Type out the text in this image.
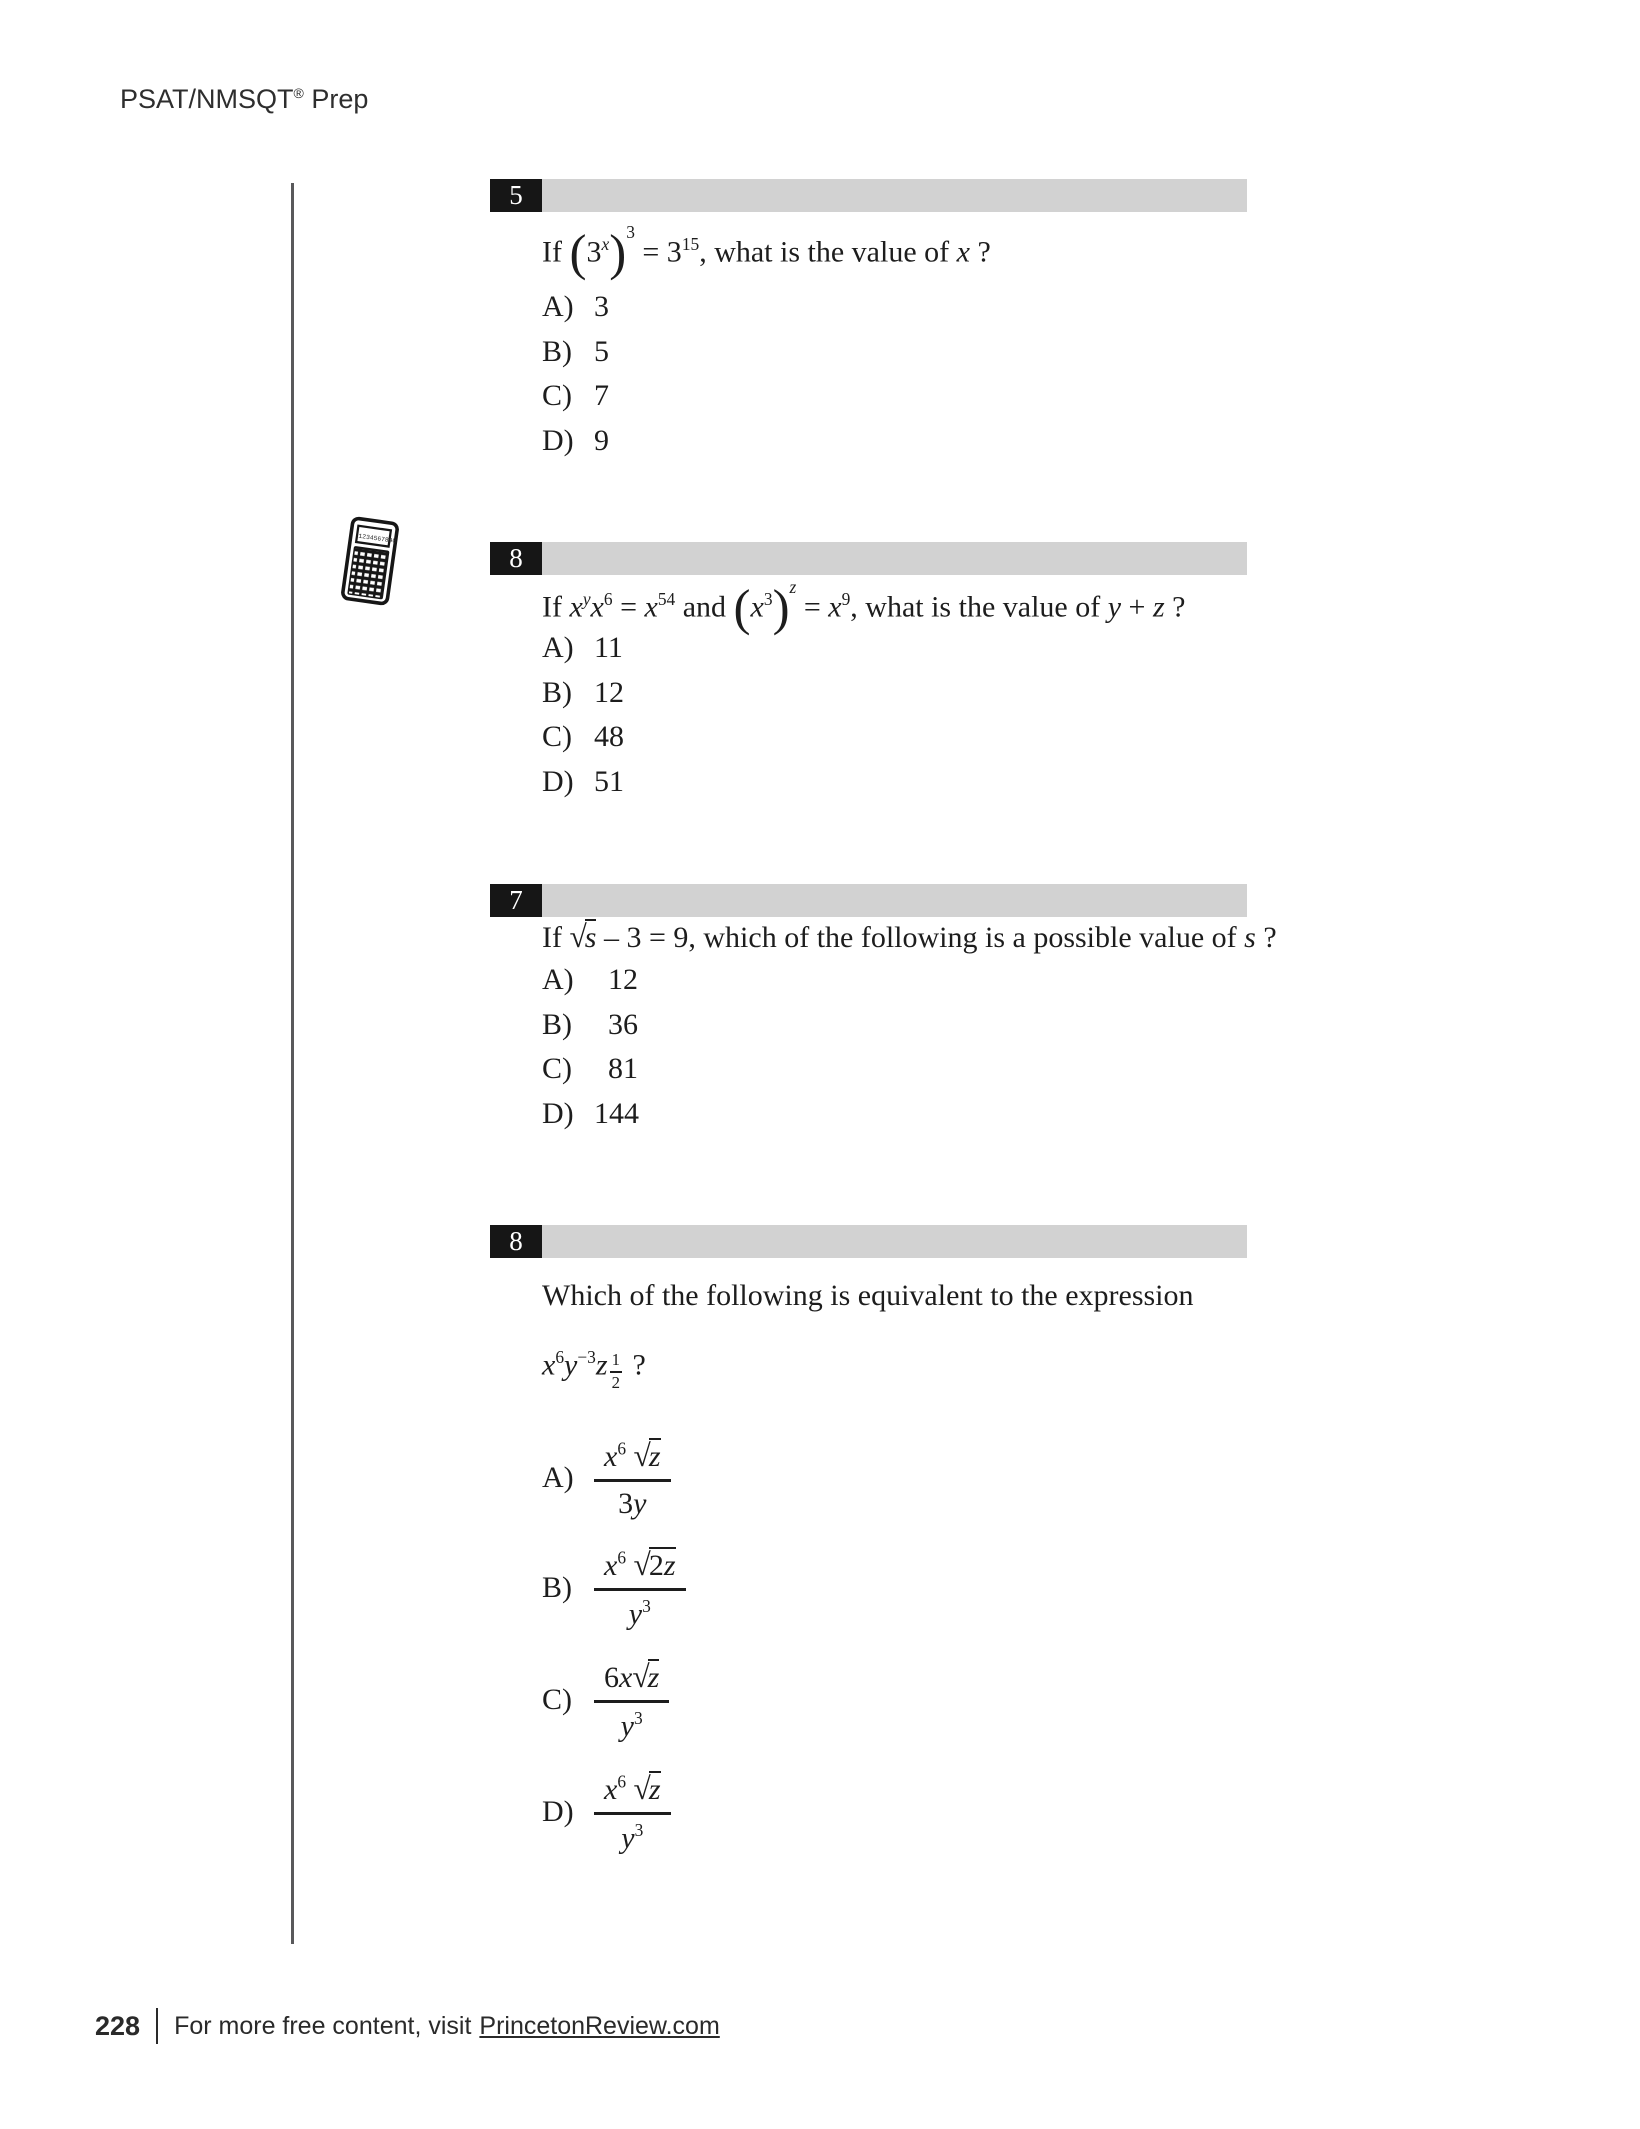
PSAT/NMSQT® Prep
1234567890
5

If $(3^x)^3 = 3^{15}$, what is the value of x ?

A) 3
B) 5
C) 7
D) 9
8

If $x^yx^6 = x^{54}$ and $(x^3)^z = x^9$, what is the value of y + z ?

A) 11
B) 12
C) 48
D) 51
7

If √s – 3 = 9, which of the following is a possible value of s ?

A)	12
B)	36
C)	81
D) 144
8

Which of the following is equivalent to the expression

$x^6y^{-3}z \frac{1}{2}$ ?

$A) \frac{x^6 √z}{3y}$
$B) \frac{x^6 √2z}{y^3}$
$C) \frac{6x√z}{y^3}$
$D) \frac{x^6 √z}{y^3}$
228 For more free content, visit PrincetonReview.com
